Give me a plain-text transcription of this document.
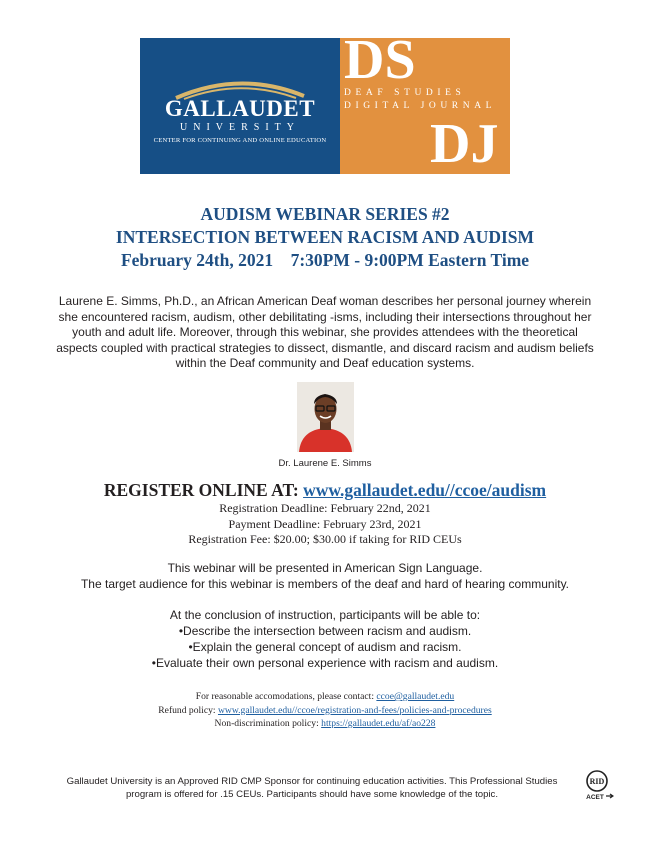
GALLAUDET
UNIVERSITY
CENTER FOR CONTINUING AND ONLINE EDUCATION
DS
DEAF STUDIES
DIGITAL JOURNAL
DJ
AUDISM WEBINAR SERIES #2
INTERSECTION BETWEEN RACISM AND AUDISM
February 24th, 2021    7:30PM - 9:00PM Eastern Time
Laurene E. Simms, Ph.D., an African American Deaf woman describes her personal journey wherein she encountered racism, audism, other debilitating -isms, including their intersections throughout her youth and adult life. Moreover, through this webinar, she provides attendees with the theoretical aspects coupled with practical strategies to dissect, dismantle, and discard racism and audism beliefs within the Deaf community and Deaf education systems.
Dr. Laurene E. Simms
REGISTER ONLINE AT: www.gallaudet.edu//ccoe/audism
Registration Deadline: February 22nd, 2021
Payment Deadline: February 23rd, 2021
Registration Fee: $20.00; $30.00 if taking for RID CEUs
This webinar will be presented in American Sign Language.
The target audience for this webinar is members of the deaf and hard of hearing community.
At the conclusion of instruction, participants will be able to:
•Describe the intersection between racism and audism.
•Explain the general concept of audism and racism.
•Evaluate their own personal experience with racism and audism.
For reasonable accomodations, please contact: ccoe@gallaudet.edu
Refund policy: www.gallaudet.edu//ccoe/registration-and-fees/policies-and-procedures
Non-discrimination policy: https://gallaudet.edu/af/ao228
Gallaudet University is an Approved RID CMP Sponsor for continuing education activities. This Professional Studies
program is offered for .15 CEUs. Participants should have some knowledge of the topic.
RID
ACET
